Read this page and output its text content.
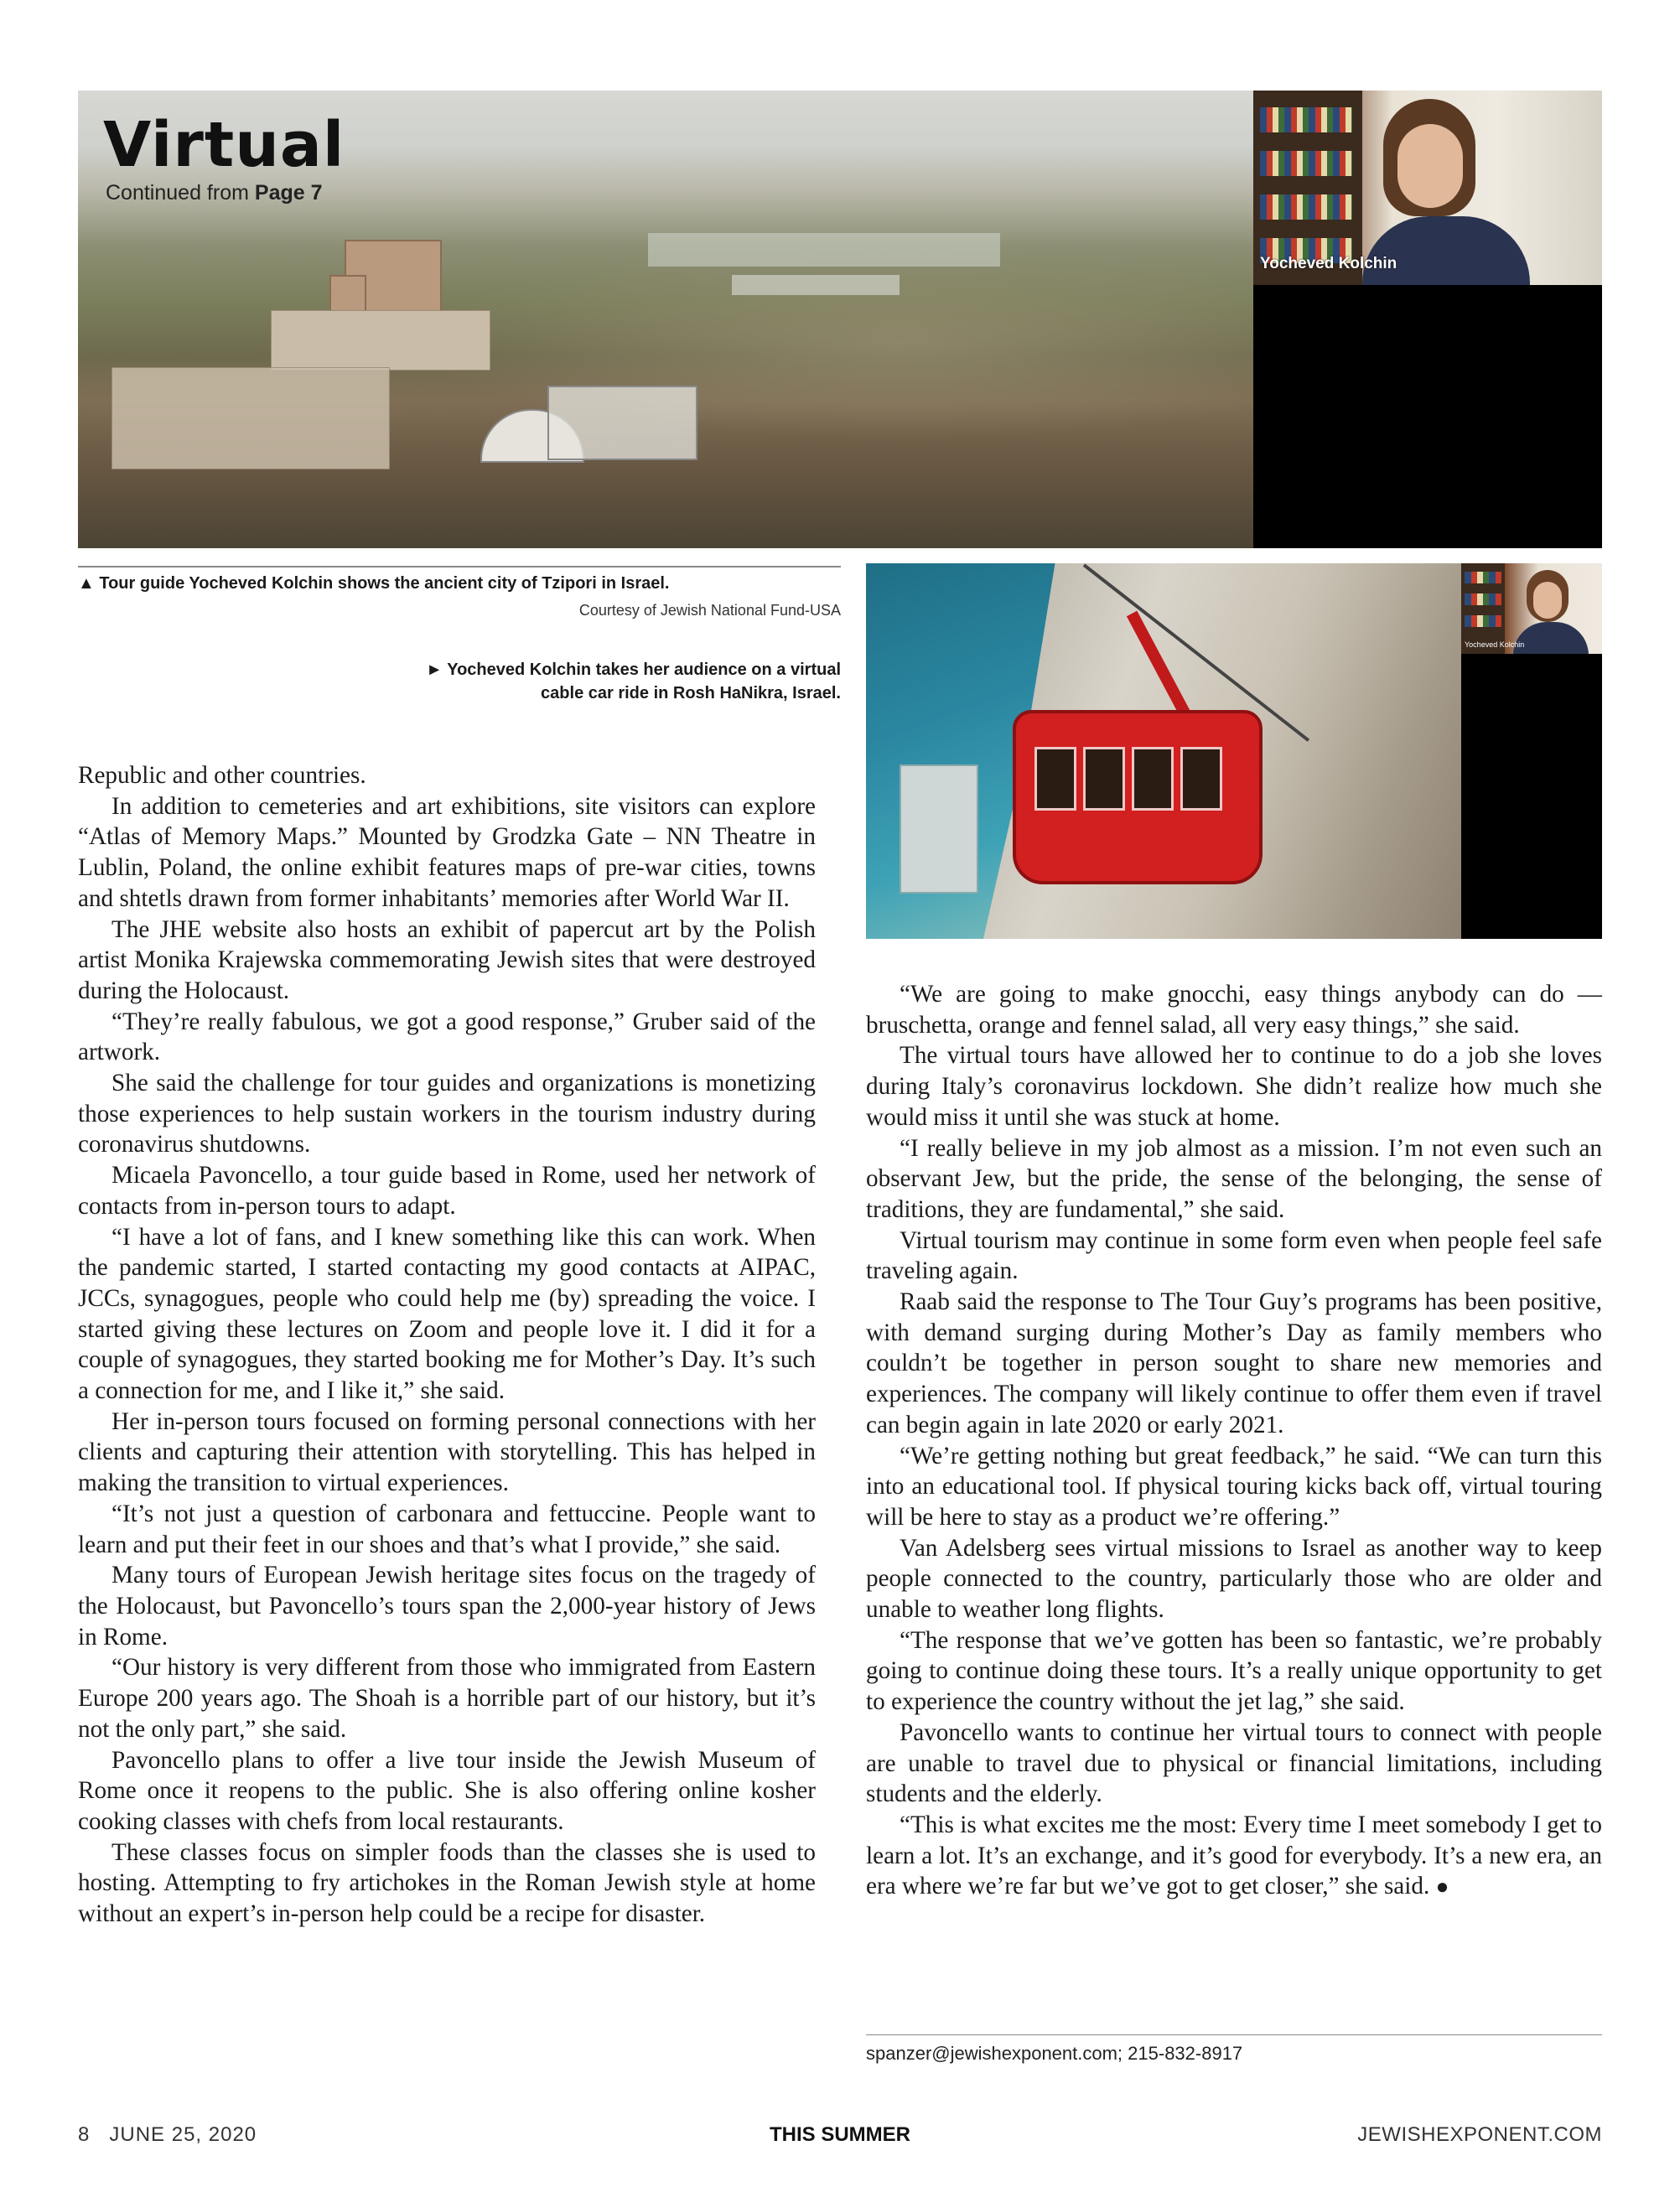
Virtual
Continued from Page 7
Yocheved Kolchin
▲ Tour guide Yocheved Kolchin shows the ancient city of Tzipori in Israel.
Courtesy of Jewish National Fund-USA
► Yocheved Kolchin takes her audience on a virtual
cable car ride in Rosh HaNikra, Israel.
Yocheved Kolchin

Republic and other countries.

In addition to cemeteries and art exhibitions, site visitors can explore “Atlas of Memory Maps.” Mounted by Grodzka Gate – NN Theatre in Lublin, Poland, the online exhibit features maps of pre-war cities, towns and shtetls drawn from former inhabitants’ memories after World War II.

The JHE website also hosts an exhibit of papercut art by the Polish artist Monika Krajewska commemorating Jewish sites that were destroyed during the Holocaust.

“They’re really fabulous, we got a good response,” Gruber said of the artwork.

She said the challenge for tour guides and organizations is monetizing those experiences to help sustain workers in the tourism industry during coronavirus shutdowns.

Micaela Pavoncello, a tour guide based in Rome, used her network of contacts from in-person tours to adapt.

“I have a lot of fans, and I knew something like this can work. When the pandemic started, I started contacting my good contacts at AIPAC, JCCs, synagogues, people who could help me (by) spreading the voice. I started giving these lectures on Zoom and people love it. I did it for a couple of synagogues, they started booking me for Mother’s Day. It’s such a connection for me, and I like it,” she said.

Her in-person tours focused on forming personal connections with her clients and capturing their attention with storytelling. This has helped in making the transition to virtual experiences.

“It’s not just a question of carbonara and fettuccine. People want to learn and put their feet in our shoes and that’s what I provide,” she said.

Many tours of European Jewish heritage sites focus on the tragedy of the Holocaust, but Pavoncello’s tours span the 2,000-year history of Jews in Rome.

“Our history is very different from those who immigrated from Eastern Europe 200 years ago. The Shoah is a horrible part of our history, but it’s not the only part,” she said.

Pavoncello plans to offer a live tour inside the Jewish Museum of Rome once it reopens to the public. She is also offering online kosher cooking classes with chefs from local restaurants.

These classes focus on simpler foods than the classes she is used to hosting. Attempting to fry artichokes in the Roman Jewish style at home without an expert’s in-person help could be a recipe for disaster.

“We are going to make gnocchi, easy things anybody can do — bruschetta, orange and fennel salad, all very easy things,” she said.

The virtual tours have allowed her to continue to do a job she loves during Italy’s coronavirus lockdown. She didn’t realize how much she would miss it until she was stuck at home.

“I really believe in my job almost as a mission. I’m not even such an observant Jew, but the pride, the sense of the belonging, the sense of traditions, they are fundamental,” she said.

Virtual tourism may continue in some form even when people feel safe traveling again.

Raab said the response to The Tour Guy’s programs has been positive, with demand surging during Mother’s Day as family members who couldn’t be together in person sought to share new memories and experiences. The company will likely continue to offer them even if travel can begin again in late 2020 or early 2021.

“We’re getting nothing but great feedback,” he said. “We can turn this into an educational tool. If physical touring kicks back off, virtual touring will be here to stay as a product we’re offering.”

Van Adelsberg sees virtual missions to Israel as another way to keep people connected to the country, particularly those who are older and unable to weather long flights.

“The response that we’ve gotten has been so fantastic, we’re probably going to continue doing these tours. It’s a really unique opportunity to get to experience the country without the jet lag,” she said.

Pavoncello wants to continue her virtual tours to connect with people are unable to travel due to physical or financial limitations, including students and the elderly.

“This is what excites me the most: Every time I meet somebody I get to learn a lot. It’s an exchange, and it’s good for everybody. It’s a new era, an era where we’re far but we’ve got to get closer,” she said. ●

spanzer@jewishexponent.com; 215-832-8917
8 JUNE 25, 2020	THIS SUMMER	JEWISHEXPONENT.COM
